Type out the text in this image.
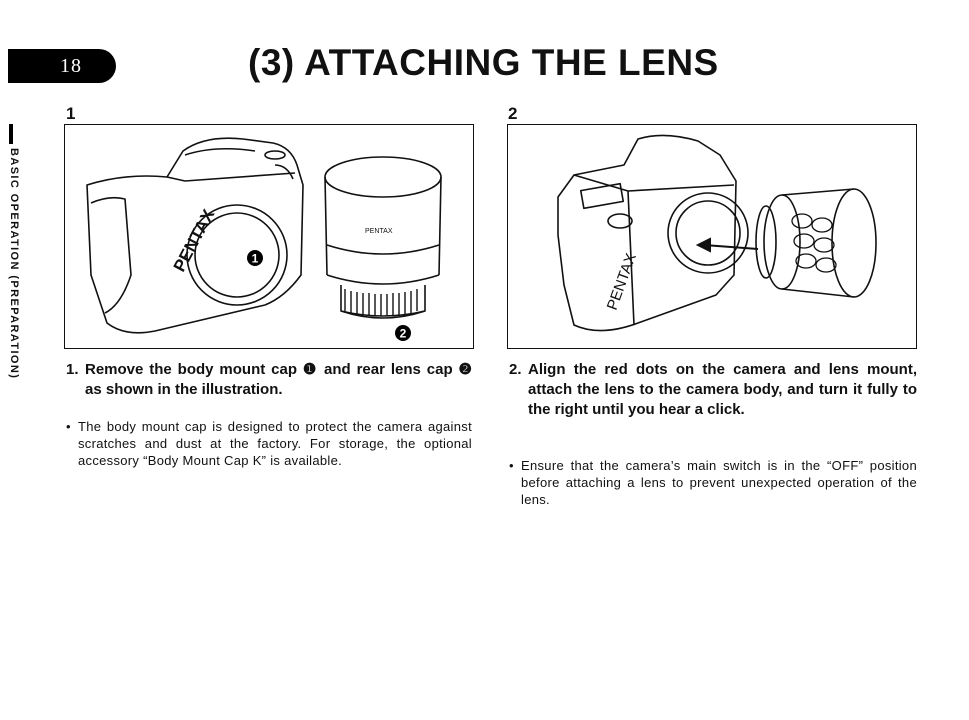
18	(3) ATTACHING THE LENS
BASIC OPERATION (PREPARATION)
1
PENTAX	PENTAX
1
2
1. Remove the body mount cap ❶ and rear lens cap ❷ as shown in the illustration.
• The body mount cap is designed to protect the camera against scratches and dust at the factory. For storage, the optional accessory “Body Mount Cap K” is available.
2
PENTAX
2. Align the red dots on the camera and lens mount, attach the lens to the camera body, and turn it fully to the right until you hear a click.
• Ensure that the camera’s main switch is in the “OFF” position before attaching a lens to prevent unexpected operation of the lens.
